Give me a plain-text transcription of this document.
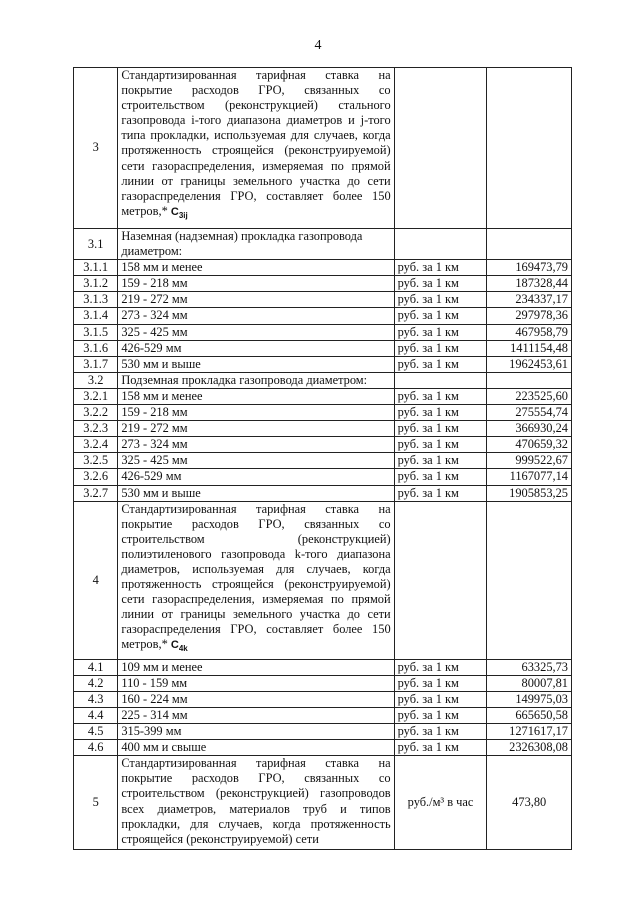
4
3	Стандартизированная тарифная ставка на покрытие расходов ГРО, связанных со строительством (реконструкцией) стального газопровода i-того диапазона диаметров и j-того типа прокладки, используемая для случаев, когда протяженность строящейся (реконструируемой) сети газораспределения, измеряемая по прямой линии от границы земельного участка до сети газораспределения ГРО, составляет более 150 метров,* $C_{3ij}$		
3.1	Наземная (надземная) прокладка газопровода диаметром:		
3.1.1	158 мм и менее	руб. за 1 км	169473,79
3.1.2	159 - 218 мм	руб. за 1 км	187328,44
3.1.3	219 - 272 мм	руб. за 1 км	234337,17
3.1.4	273 - 324 мм	руб. за 1 км	297978,36
3.1.5	325 - 425 мм	руб. за 1 км	467958,79
3.1.6	426-529 мм	руб. за 1 км	1411154,48
3.1.7	530 мм и выше	руб. за 1 км	1962453,61
3.2	Подземная прокладка газопровода диаметром:		
3.2.1	158 мм и менее	руб. за 1 км	223525,60
3.2.2	159 - 218 мм	руб. за 1 км	275554,74
3.2.3	219 - 272 мм	руб. за 1 км	366930,24
3.2.4	273 - 324 мм	руб. за 1 км	470659,32
3.2.5	325 - 425 мм	руб. за 1 км	999522,67
3.2.6	426-529 мм	руб. за 1 км	1167077,14
3.2.7	530 мм и выше	руб. за 1 км	1905853,25
4	Стандартизированная тарифная ставка на покрытие расходов ГРО, связанных со строительством (реконструкцией) полиэтиленового газопровода k-того диапазона диаметров, используемая для случаев, когда протяженность строящейся (реконструируемой) сети газораспределения, измеряемая по прямой линии от границы земельного участка до сети газораспределения ГРО, составляет более 150 метров,* $C_{4k}$		
4.1	109 мм и менее	руб. за 1 км	63325,73
4.2	110 - 159 мм	руб. за 1 км	80007,81
4.3	160 - 224 мм	руб. за 1 км	149975,03
4.4	225 - 314 мм	руб. за 1 км	665650,58
4.5	315-399 мм	руб. за 1 км	1271617,17
4.6	400 мм и свыше	руб. за 1 км	2326308,08
5	Стандартизированная тарифная ставка на покрытие расходов ГРО, связанных со строительством (реконструкцией) газопроводов всех диаметров, материалов труб и типов прокладки, для случаев, когда протяженность строящейся (реконструируемой) сети	руб./м³ в час	473,80
